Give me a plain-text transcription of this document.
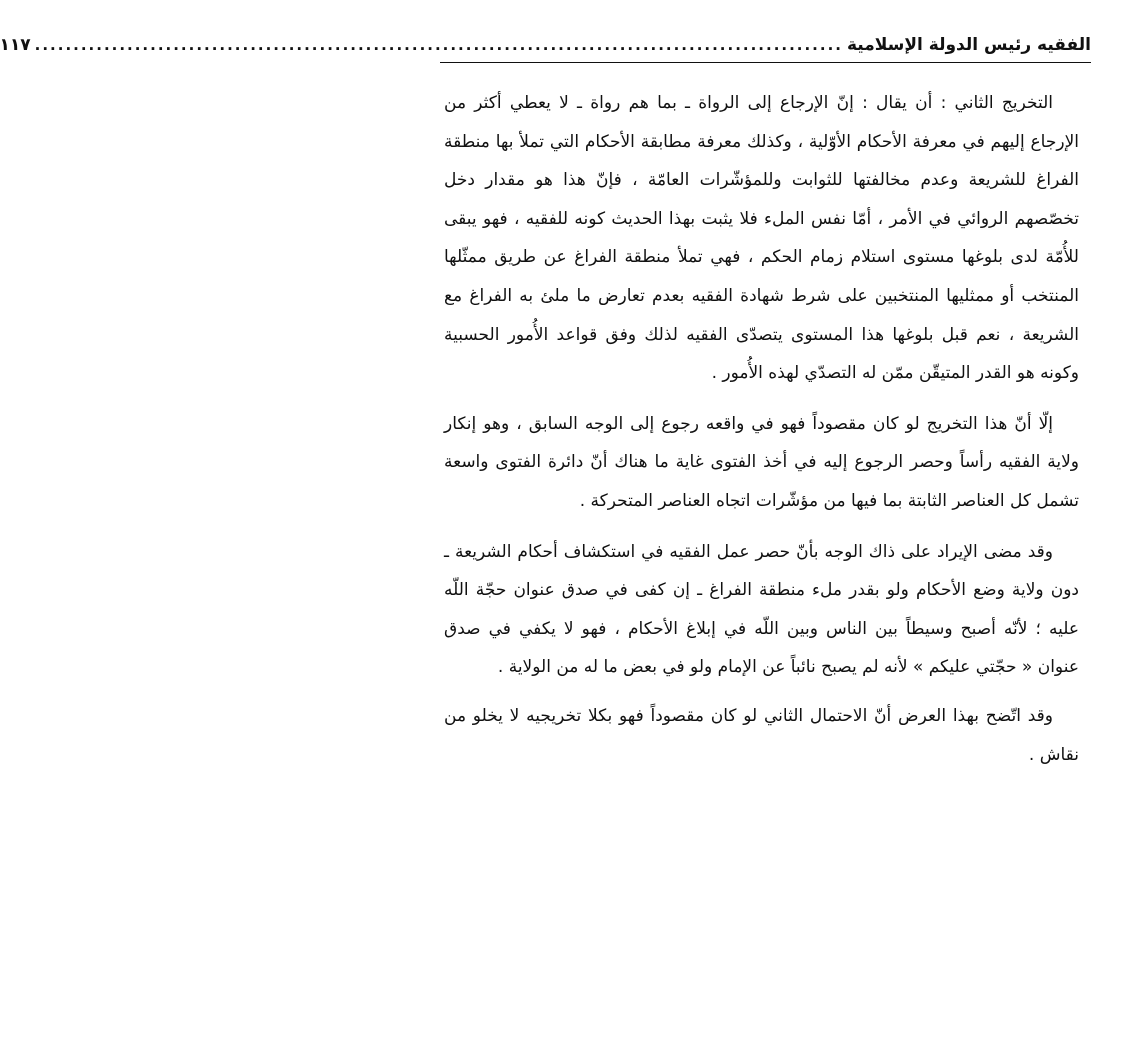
الفقيه رئيس الدولة الإسلامية
.........................................................................................................
١١٧

التخريج الثاني : أن يقال : إنّ الإرجاع إلى الرواة ـ بما هم رواة ـ لا يعطي أكثر من الإرجاع إليهم في معرفة الأحكام الأوّلية ، وكذلك معرفة مطابقة الأحكام التي تملأ بها منطقة الفراغ للشريعة وعدم مخالفتها للثوابت وللمؤشّرات العامّة ، فإنّ هذا هو مقدار دخل تخصّصهم الروائي في الأمر ، أمّا نفس الملء فلا يثبت بهذا الحديث كونه للفقيه ، فهو يبقى للأُمّة لدى بلوغها مستوى استلام زمام الحكم ، فهي تملأ منطقة الفراغ عن طريق ممثّلها المنتخب أو ممثليها المنتخبين على شرط شهادة الفقيه بعدم تعارض ما ملئ به الفراغ مع الشريعة ، نعم قبل بلوغها هذا المستوى يتصدّى الفقيه لذلك وفق قواعد الأُمور الحسبية وكونه هو القدر المتيقّن ممّن له التصدّي لهذه الأُمور .

إلّا أنّ هذا التخريج لو كان مقصوداً فهو في واقعه رجوع إلى الوجه السابق ، وهو إنكار ولاية الفقيه رأساً وحصر الرجوع إليه في أخذ الفتوى غاية ما هناك أنّ دائرة الفتوى واسعة تشمل كل العناصر الثابتة بما فيها من مؤشّرات اتجاه العناصر المتحركة .

وقد مضى الإيراد على ذاك الوجه بأنّ حصر عمل الفقيه في استكشاف أحكام الشريعة ـ دون ولاية وضع الأحكام ولو بقدر ملء منطقة الفراغ ـ إن كفى في صدق عنوان حجّة اللّه عليه ؛ لأنّه أصبح وسيطاً بين الناس وبين اللّه في إبلاغ الأحكام ، فهو لا يكفي في صدق عنوان « حجّتي عليكم » لأنه لم يصبح نائباً عن الإمام ولو في بعض ما له من الولاية .

وقد اتّضح بهذا العرض أنّ الاحتمال الثاني لو كان مقصوداً فهو بكلا تخريجيه لا يخلو من نقاش .
